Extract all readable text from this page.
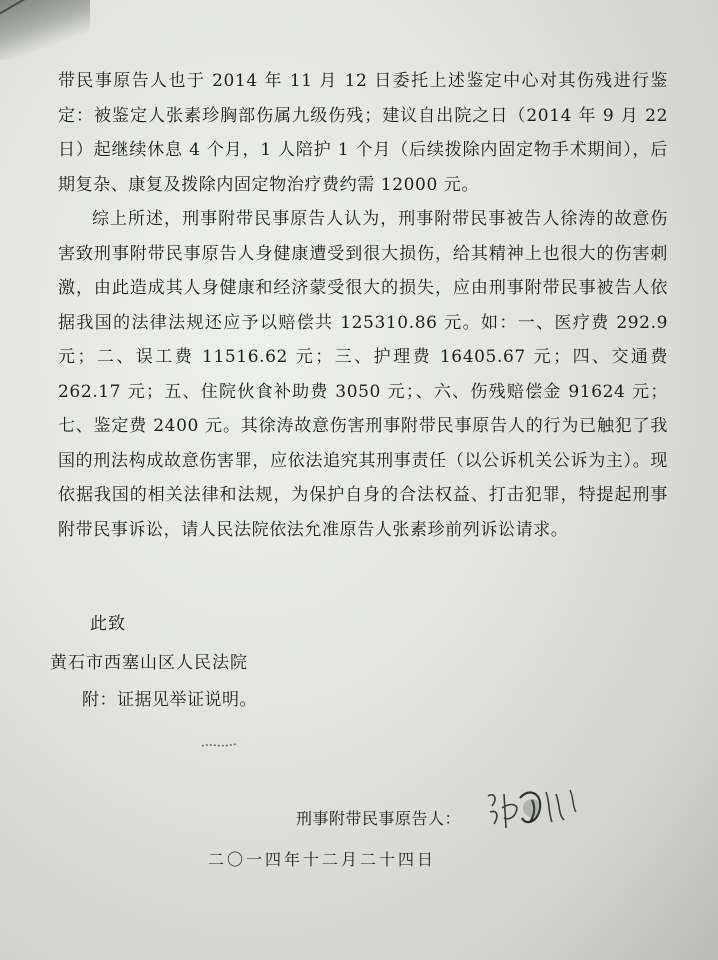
带民事原告人也于 2014 年 11 月 12 日委托上述鉴定中心对其伤残进行鉴定：被鉴定人张素珍胸部伤属九级伤残；建议自出院之日（2014 年 9 月 22 日）起继续休息 4 个月，1 人陪护 1 个月（后续拨除内固定物手术期间），后期复杂、康复及拨除内固定物治疗费约需 12000 元。

综上所述，刑事附带民事原告人认为，刑事附带民事被告人徐涛的故意伤害致刑事附带民事原告人身健康遭受到很大损伤，给其精神上也很大的伤害刺激，由此造成其人身健康和经济蒙受很大的损失，应由刑事附带民事被告人依据我国的法律法规还应予以赔偿共 125310.86 元。如：一、医疗费 292.9 元；二、误工费 11516.62 元；三、护理费 16405.67 元；四、交通费 262.17 元；五、住院伙食补助费 3050 元；、六、伤残赔偿金 91624 元；七、鉴定费 2400 元。其徐涛故意伤害刑事附带民事原告人的行为已触犯了我国的刑法构成故意伤害罪，应依法追究其刑事责任（以公诉机关公诉为主）。现依据我国的相关法律和法规，为保护自身的合法权益、打击犯罪，特提起刑事附带民事诉讼，请人民法院依法允准原告人张素珍前列诉讼请求。

此致
黄石市西塞山区人民法院
附：证据见举证说明。
刑事附带民事原告人：
二〇一四年十二月二十四日
